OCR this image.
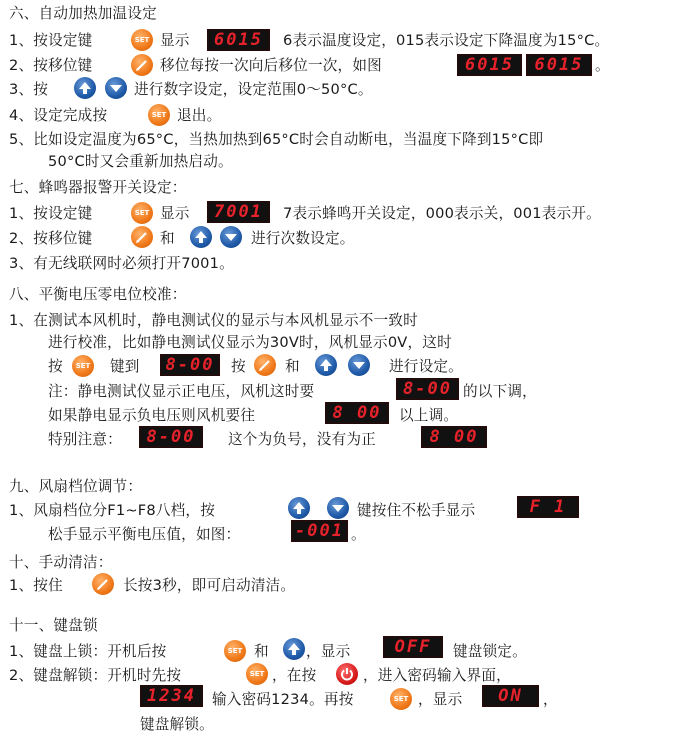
六、自动加热加温设定
1、按设定键	SET 显示	6015	6表示温度设定，015表示设定下降温度为15°C。
2、按移位键	移位每按一次向后移位一次，如图	6015	6015 。
3、按	进行数字设定，设定范围0～50°C。
4、设定完成按	SET 退出。
5、比如设定温度为65°C，当热加热到65°C时会自动断电，当温度下降到15°C即
50°C时又会重新加热启动。
七、蜂鸣器报警开关设定：
1、按设定键	SET 显示	7001	7表示蜂鸣开关设定，000表示关，001表示开。
2、按移位键	和	进行次数设定。
3、有无线联网时必须打开7001。
八、平衡电压零电位校准：
1、在测试本风机时，静电测试仪的显示与本风机显示不一致时
进行校准，比如静电测试仪显示为30V时，风机显示0V，这时
按	SET 键到	8-00	按	和	进行设定。
注：静电测试仪显示正电压，风机这时要	8-00 的以下调，
如果静电显示负电压则风机要往	8 00	以上调。
特别注意：	8-00	这个为负号，没有为正	8 00
九、风扇档位调节：
1、风扇档位分F1~F8八档，按	键按住不松手显示	F 1
松手显示平衡电压值，如图：	-001 。
十、手动清洁：
1、按住	长按3秒，即可启动清洁。
十一、键盘锁
1、键盘上锁：开机后按	SET 和	，显示	OFF	键盘锁定。
2、键盘解锁：开机时先按	SET ，在按	，进入密码输入界面，
1234	输入密码1234。再按	SET ，显示	ON	，
键盘解锁。
